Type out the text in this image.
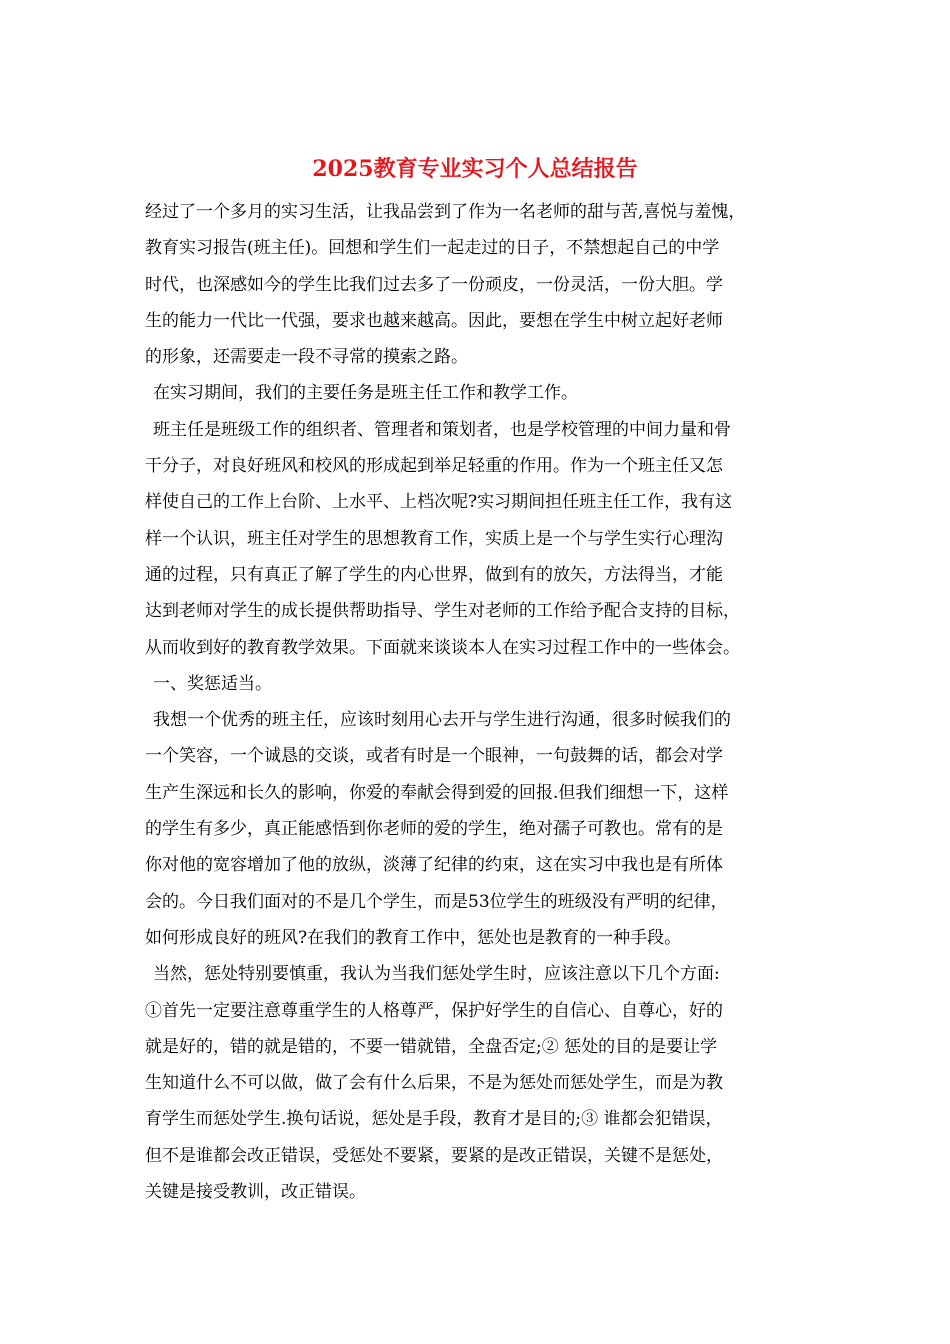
2025教育专业实习个人总结报告
经过了一个多月的实习生活，让我品尝到了作为一名老师的甜与苦,喜悦与羞愧，
教育实习报告(班主任)。回想和学生们一起走过的日子，不禁想起自己的中学
时代，也深感如今的学生比我们过去多了一份顽皮，一份灵活，一份大胆。学
生的能力一代比一代强，要求也越来越高。因此，要想在学生中树立起好老师
的形象，还需要走一段不寻常的摸索之路。
在实习期间，我们的主要任务是班主任工作和教学工作。
班主任是班级工作的组织者、管理者和策划者，也是学校管理的中间力量和骨
干分子，对良好班风和校风的形成起到举足轻重的作用。作为一个班主任又怎
样使自己的工作上台阶、上水平、上档次呢?实习期间担任班主任工作，我有这
样一个认识，班主任对学生的思想教育工作，实质上是一个与学生实行心理沟
通的过程，只有真正了解了学生的内心世界，做到有的放矢，方法得当，才能
达到老师对学生的成长提供帮助指导、学生对老师的工作给予配合支持的目标，
从而收到好的教育教学效果。下面就来谈谈本人在实习过程工作中的一些体会。
一、奖惩适当。
我想一个优秀的班主任，应该时刻用心去开与学生进行沟通，很多时候我们的
一个笑容，一个诚恳的交谈，或者有时是一个眼神，一句鼓舞的话，都会对学
生产生深远和长久的影响，你爱的奉献会得到爱的回报.但我们细想一下，这样
的学生有多少，真正能感悟到你老师的爱的学生，绝对孺子可教也。常有的是
你对他的宽容增加了他的放纵，淡薄了纪律的约束，这在实习中我也是有所体
会的。今日我们面对的不是几个学生，而是53位学生的班级没有严明的纪律，
如何形成良好的班风?在我们的教育工作中，惩处也是教育的一种手段。
当然，惩处特别要慎重，我认为当我们惩处学生时，应该注意以下几个方面:
①首先一定要注意尊重学生的人格尊严，保护好学生的自信心、自尊心，好的
就是好的，错的就是错的，不要一错就错，全盘否定;② 惩处的目的是要让学
生知道什么不可以做，做了会有什么后果，不是为惩处而惩处学生，而是为教
育学生而惩处学生.换句话说，惩处是手段，教育才是目的;③ 谁都会犯错误，
但不是谁都会改正错误，受惩处不要紧，要紧的是改正错误，关键不是惩处，
关键是接受教训，改正错误。
